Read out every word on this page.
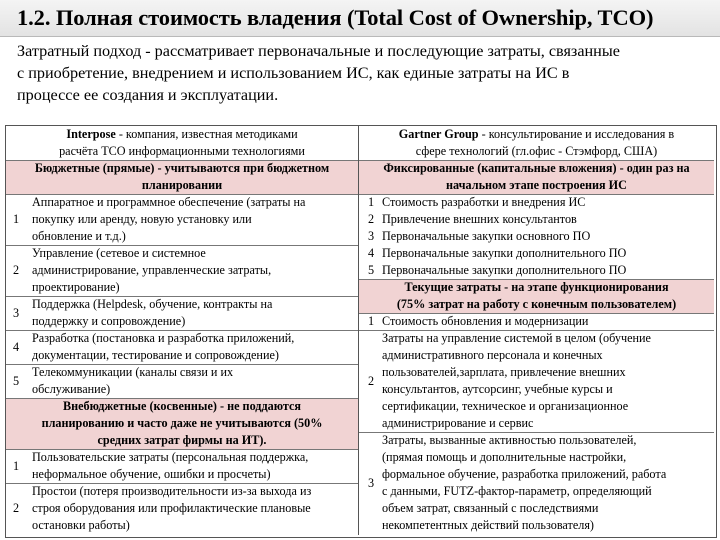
1.2. Полная стоимость владения (Total Cost of Ownership, TCO)
Затратный подход - рассматривает первоначальные и последующие затраты, связанные
с приобретение, внедрением и использованием ИС, как единые затраты на ИС в
процессе ее создания и эксплуатации.
Interpose - компания, известная методиками
расчёта ТСО информационными технологиями
Бюджетные (прямые) - учитываются при бюджетном
планировании
1
Аппаратное и программное обеспечение (затраты на
покупку или аренду, новую установку или
обновление и т.д.)
2
Управление (сетевое и системное
администрирование, управленческие затраты,
проектирование)
3
Поддержка (Helpdesk, обучение, контракты на
поддержку и сопровождение)
4
Разработка (постановка и разработка приложений,
документации, тестирование и сопровождение)
5
Телекоммуникации (каналы связи и их
обслуживание)
Внебюджетные (косвенные) - не поддаются
планированию и часто даже не учитываются (50%
средних затрат фирмы на ИТ).
1
Пользовательские затраты (персональная поддержка,
неформальное обучение, ошибки и просчеты)
2
Простои (потеря производительности из-за выхода из
строя оборудования или профилактические плановые
остановки работы)
Gartner Group - консультирование и исследования в
сфере технологий (гл.офис - Стэмфорд, США)
Фиксированные (капитальные вложения) - один раз на
начальном этапе построения ИС
1 Стоимость разработки и внедрения ИС
2 Привлечение внешних консультантов
3 Первоначальные закупки основного ПО
4 Первоначальные закупки дополнительного ПО
5 Первоначальные закупки дополнительного ПО
Текущие затраты - на этапе функционирования
(75% затрат на работу с конечным пользователем)
1 Стоимость обновления и модернизации
2
Затраты на управление системой в целом (обучение
административного персонала и конечных
пользователей,зарплата, привлечение внешних
консультантов, аутсорсинг, учебные курсы и
сертификации, техническое и организационное
администрирование и сервис
3
Затраты, вызванные активностью пользователей,
(прямая помощь и дополнительные настройки,
формальное обучение, разработка приложений, работа
с данными, FUTZ-фактор-параметр, определяющий
объем затрат, связанный с последствиями
некомпетентных действий пользователя)
